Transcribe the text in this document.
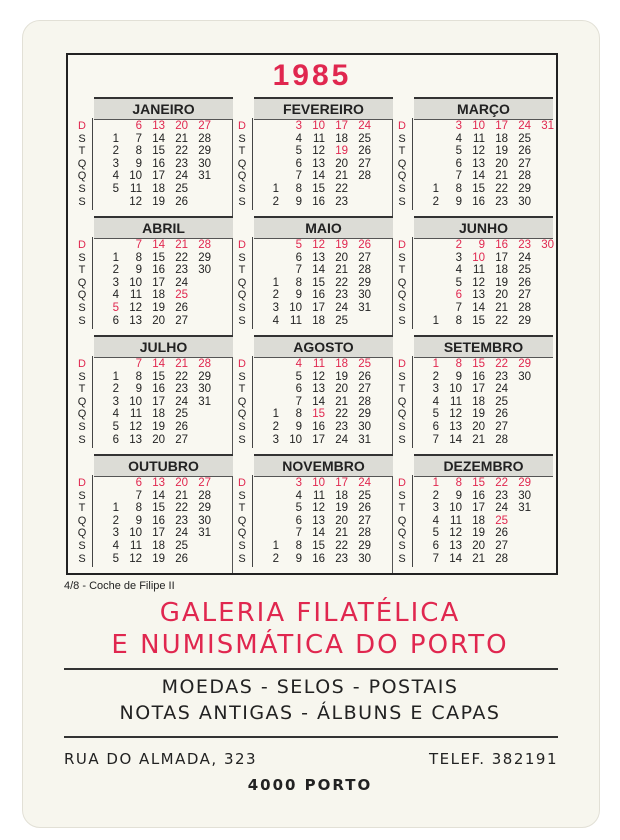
1985
JANEIRO
D
S
T
Q
Q
S
S
1
2
3
4
5
6
7
8
9
10
11
12
13
14
15
16
17
18
19
20
21
22
23
24
25
26
27
28
29
30
31
FEVEREIRO
D
S
T
Q
Q
S
S
1
2
3
4
5
6
7
8
9
10
11
12
13
14
15
16
17
18
19
20
21
22
23
24
25
26
27
28
MARÇO
D
S
T
Q
Q
S
S
1
2
3
4
5
6
7
8
9
10
11
12
13
14
15
16
17
18
19
20
21
22
23
24
25
26
27
28
29
30
31
ABRIL
D
S
T
Q
Q
S
S
1
2
3
4
5
6
7
8
9
10
11
12
13
14
15
16
17
18
19
20
21
22
23
24
25
26
27
28
29
30
MAIO
D
S
T
Q
Q
S
S
1
2
3
4
5
6
7
8
9
10
11
12
13
14
15
16
17
18
19
20
21
22
23
24
25
26
27
28
29
30
31
JUNHO
D
S
T
Q
Q
S
S	1
2
3
4
5
6
7
8
9
10
11
12
13
14
15
16
17
18
19
20
21
22
23
24
25
26
27
28
29
30
JULHO
D
S
T
Q
Q
S
S
1
2
3
4
5
6
7
8
9
10
11
12
13
14
15
16
17
18
19
20
21
22
23
24
25
26
27
28
29
30
31
AGOSTO
D
S
T
Q
Q
S
S
1
2
3
4
5
6
7
8
9
10
11
12
13
14
15
16
17
18
19
20
21
22
23
24
25
26
27
28
29
30
31
SETEMBRO
D
S
T
Q
Q
S
S
1
2
3
4
5
6
7
8
9
10
11
12
13
14
15
16
17
18
19
20
21
22
23
24
25
26
27
28
29
30
OUTUBRO
D
S
T
Q
Q
S
S
1
2
3
4
5
6
7
8
9
10
11
12
13
14
15
16
17
18
19
20
21
22
23
24
25
26
27
28
29
30
31
NOVEMBRO
D
S
T
Q
Q
S
S
1
2
3
4
5
6
7
8
9
10
11
12
13
14
15
16
17
18
19
20
21
22
23
24
25
26
27
28
29
30
DEZEMBRO
D
S
T
Q
Q
S
S
1
2
3
4
5
6
7
8
9
10
11
12
13
14
15
16
17
18
19
20
21
22
23
24
25
26
27
28
29
30
31
4/8 - Coche de Filipe II
GALERIA FILATÉLICA
E NUMISMÁTICA DO PORTO
MOEDAS - SELOS - POSTAIS
NOTAS ANTIGAS - ÁLBUNS E CAPAS
RUA DO ALMADA, 323	TELEF. 382191
4000 PORTO
